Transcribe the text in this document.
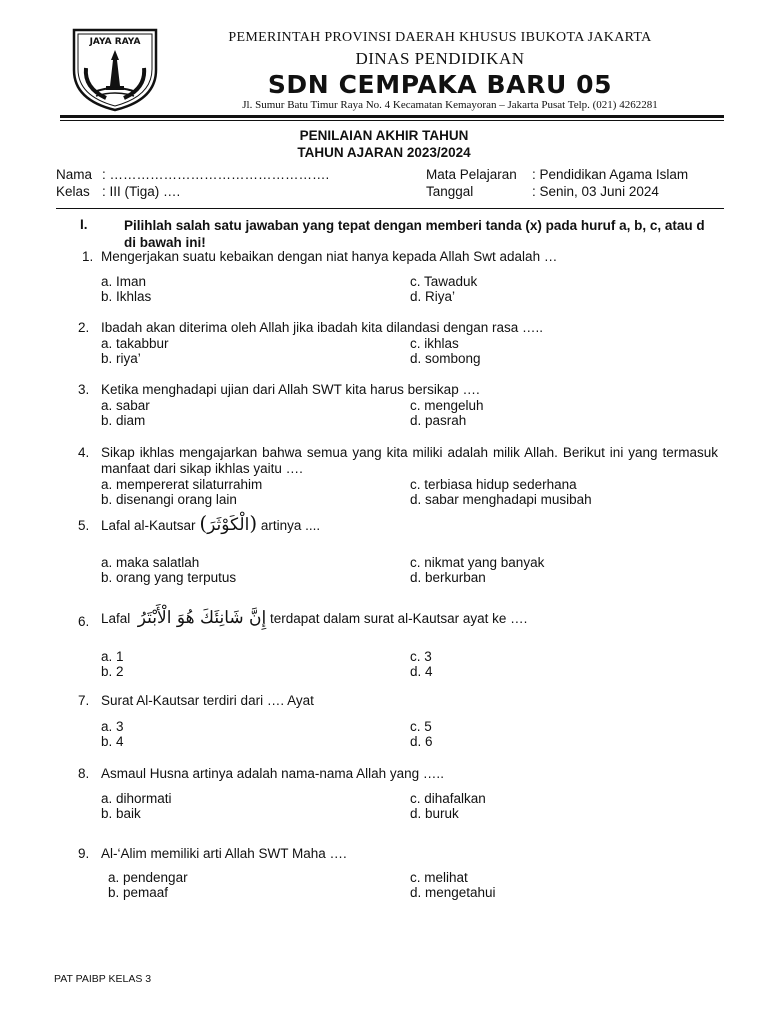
JAYA RAYA	PEMERINTAH PROVINSI DAERAH KHUSUS IBUKOTA JAKARTA
DINAS PENDIDIKAN
SDN CEMPAKA BARU 05
Jl. Sumur Batu Timur Raya No. 4 Kecamatan Kemayoran – Jakarta Pusat Telp. (021) 4262281
PENILAIAN AKHIR TAHUN
TAHUN AJARAN 2023/2024
Nama : ………………………………………….
Kelas : III (Tiga) ….
Mata Pelajaran : Pendidikan Agama Islam
Tanggal	: Senin, 03 Juni 2024
I.	Pilihlah salah satu jawaban yang tepat dengan memberi tanda (x) pada huruf a, b, c, atau d di bawah ini!
1. Mengerjakan suatu kebaikan dengan niat hanya kepada Allah Swt adalah …
a. Iman
b. Ikhlas
c. Tawaduk
d. Riya’
2. Ibadah akan diterima oleh Allah jika ibadah kita dilandasi dengan rasa …..
a. takabbur
b. riya’
c. ikhlas
d. sombong
3. Ketika menghadapi ujian dari Allah SWT kita harus bersikap ….
a. sabar
b. diam
c. mengeluh
d. pasrah
4. Sikap ikhlas mengajarkan bahwa semua yang kita miliki adalah milik Allah. Berikut ini yang termasuk manfaat dari sikap ikhlas yaitu ….
a. mempererat silaturrahim
b. disenangi orang lain
c. terbiasa hidup sederhana
d. sabar menghadapi musibah
5. Lafal al-Kautsar (الْكَوْثَرَ) artinya ....
a. maka salatlah
b. orang yang terputus
c. nikmat yang banyak
d. berkurban
6. Lafal إِنَّ شَانِئَكَ هُوَ الْأَبْتَرُ terdapat dalam surat al-Kautsar ayat ke ….
a. 1
b. 2
c. 3
d. 4
7. Surat Al-Kautsar terdiri dari …. Ayat
a. 3
b. 4
c. 5
d. 6
8. Asmaul Husna artinya adalah nama-nama Allah yang …..
a. dihormati
b. baik
c. dihafalkan
d. buruk
9. Al-‘Alim memiliki arti Allah SWT Maha ….
a. pendengar
b. pemaaf
c. melihat
d. mengetahui
PAT PAIBP KELAS 3
